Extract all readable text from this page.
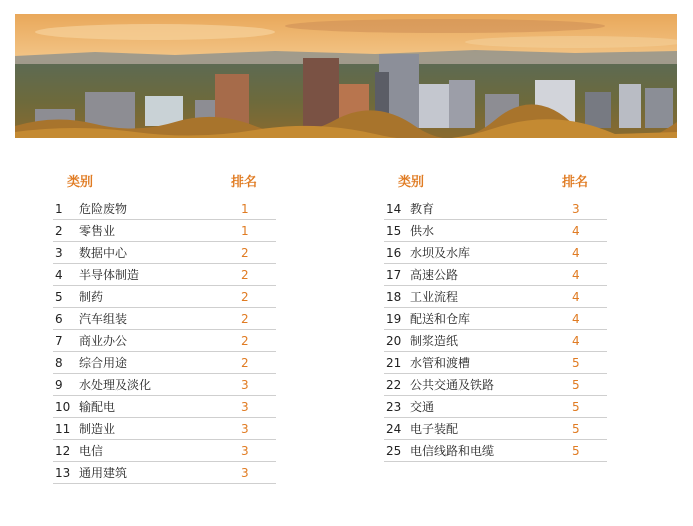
类别	排名
1	危险废物	1
2	零售业	1
3	数据中心	2
4	半导体制造	2
5	制药	2
6	汽车组装	2
7	商业办公	2
8	综合用途	2
9	水处理及淡化	3
10 输配电	3
11 制造业	3
12 电信	3
13 通用建筑	3
类别	排名
14 教育	3
15 供水	4
16 水坝及水库	4
17 高速公路	4
18 工业流程	4
19 配送和仓库	4
20 制浆造纸	4
21 水管和渡槽	5
22 公共交通及铁路	5
23 交通	5
24 电子装配	5
25 电信线路和电缆	5
